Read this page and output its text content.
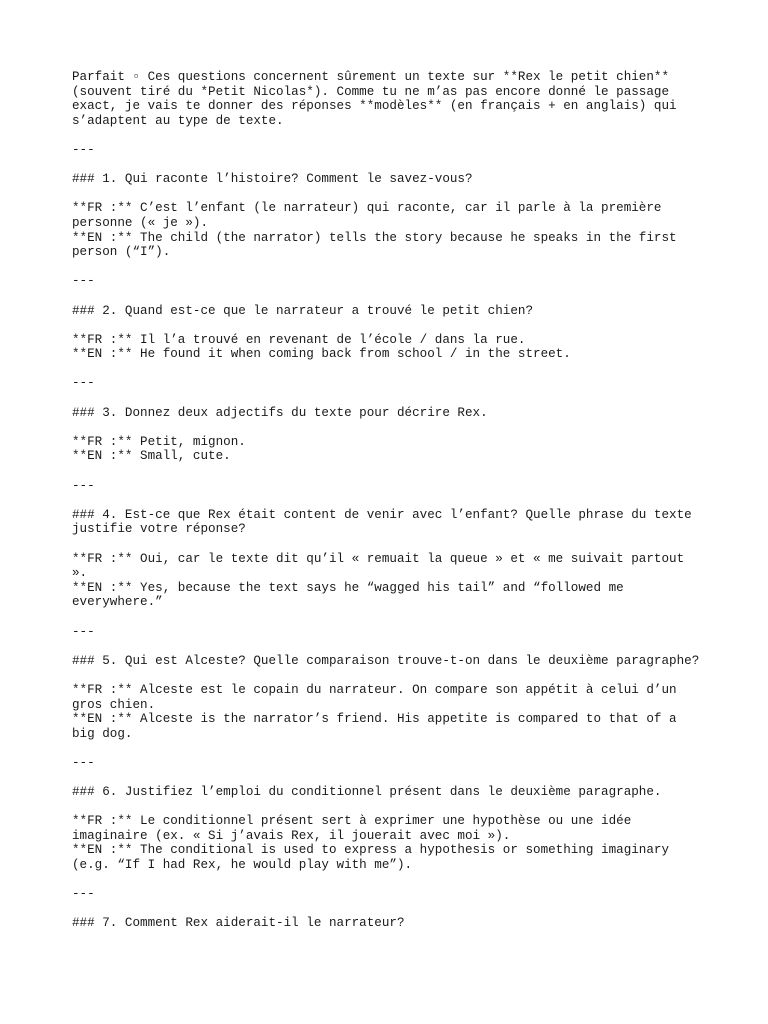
Parfait ▫ Ces questions concernent sûrement un texte sur **Rex le petit chien**
(souvent tiré du *Petit Nicolas*). Comme tu ne m’as pas encore donné le passage
exact, je vais te donner des réponses **modèles** (en français + en anglais) qui
s’adaptent au type de texte.
---
### 1. Qui raconte l’histoire? Comment le savez-vous?
**FR :** C’est l’enfant (le narrateur) qui raconte, car il parle à la première
personne (« je »).
**EN :** The child (the narrator) tells the story because he speaks in the first
person (“I”).
---
### 2. Quand est-ce que le narrateur a trouvé le petit chien?
**FR :** Il l’a trouvé en revenant de l’école / dans la rue.
**EN :** He found it when coming back from school / in the street.
---
### 3. Donnez deux adjectifs du texte pour décrire Rex.
**FR :** Petit, mignon.
**EN :** Small, cute.
---
### 4. Est-ce que Rex était content de venir avec l’enfant? Quelle phrase du texte
justifie votre réponse?
**FR :** Oui, car le texte dit qu’il « remuait la queue » et « me suivait partout
».
**EN :** Yes, because the text says he “wagged his tail” and “followed me
everywhere.”
---
### 5. Qui est Alceste? Quelle comparaison trouve-t-on dans le deuxième paragraphe?
**FR :** Alceste est le copain du narrateur. On compare son appétit à celui d’un
gros chien.
**EN :** Alceste is the narrator’s friend. His appetite is compared to that of a
big dog.
---
### 6. Justifiez l’emploi du conditionnel présent dans le deuxième paragraphe.
**FR :** Le conditionnel présent sert à exprimer une hypothèse ou une idée
imaginaire (ex. « Si j’avais Rex, il jouerait avec moi »).
**EN :** The conditional is used to express a hypothesis or something imaginary
(e.g. “If I had Rex, he would play with me”).
---
### 7. Comment Rex aiderait-il le narrateur?
